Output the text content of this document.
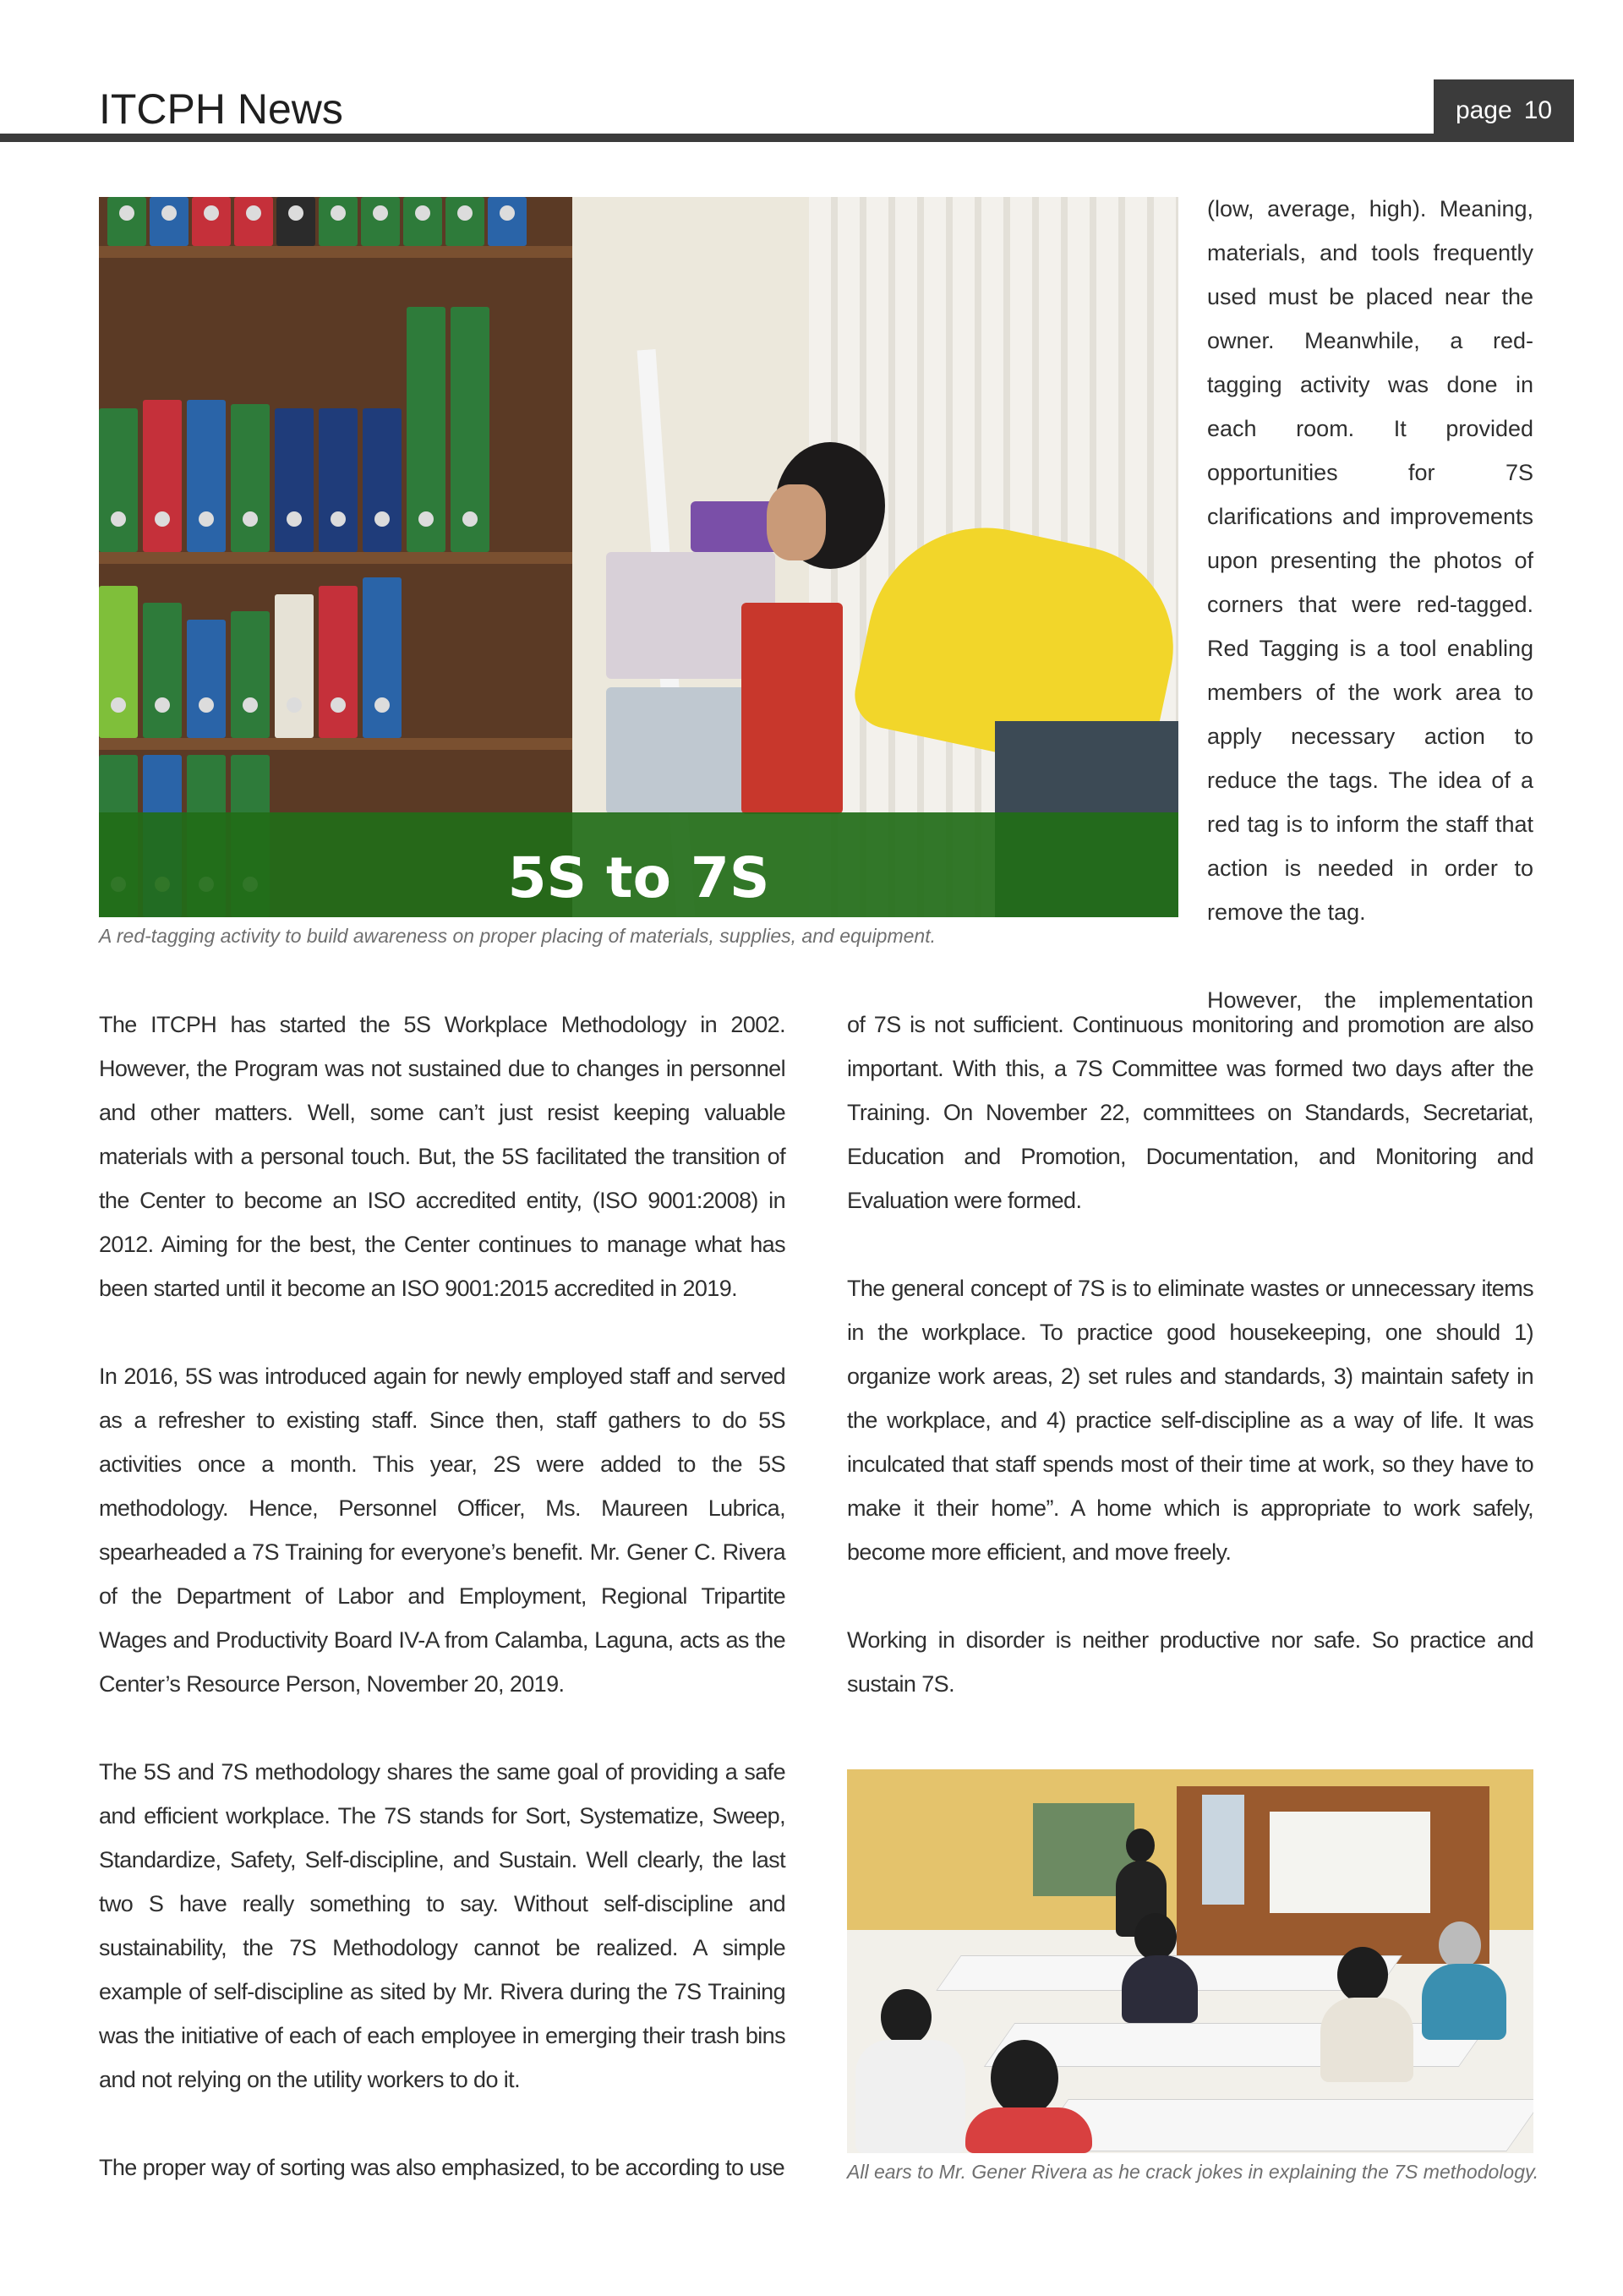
ITCPH News	page 10
5S to 7S
A red-tagging activity to build awareness on proper placing of materials, supplies, and equipment.

(low, average, high). Meaning, materials, and tools frequently used must be placed near the owner. Meanwhile, a red-tagging activity was done in each room. It provided opportunities for 7S clarifications and improvements upon presenting the photos of corners that were red-tagged. Red Tagging is a tool enabling members of the work area to apply necessary action to reduce the tags. The idea of a red tag is to inform the staff that action is needed in order to remove the tag.

However, the implementation

The ITCPH has started the 5S Workplace Methodology in 2002. However, the Program was not sustained due to changes in personnel and other matters. Well, some can’t just resist keeping valuable materials with a personal touch. But, the 5S facilitated the transition of the Center to become an ISO accredited entity, (ISO 9001:2008) in 2012. Aiming for the best, the Center continues to manage what has been started until it become an ISO 9001:2015 accredited in 2019.

In 2016, 5S was introduced again for newly employed staff and served as a refresher to existing staff. Since then, staff gathers to do 5S activities once a month. This year, 2S were added to the 5S methodology. Hence, Personnel Officer, Ms. Maureen Lubrica, spearheaded a 7S Training for everyone’s benefit. Mr. Gener C. Rivera of the Department of Labor and Employment, Regional Tripartite Wages and Productivity Board IV-A from Calamba, Laguna, acts as the Center’s Resource Person, November 20, 2019.

The 5S and 7S methodology shares the same goal of providing a safe and efficient workplace. The 7S stands for Sort, Systematize, Sweep, Standardize, Safety, Self-discipline, and Sustain. Well clearly, the last two S have really something to say. Without self-discipline and sustainability, the 7S Methodology cannot be realized. A simple example of self-discipline as sited by Mr. Rivera during the 7S Training was the initiative of each of each employee in emerging their trash bins and not relying on the utility workers to do it.

The proper way of sorting was also emphasized, to be according to use

of 7S is not sufficient. Continuous monitoring and promotion are also important. With this, a 7S Committee was formed two days after the Training. On November 22, committees on Standards, Secretariat, Education and Promotion, Documentation, and Monitoring and Evaluation were formed.

The general concept of 7S is to eliminate wastes or unnecessary items in the workplace. To practice good housekeeping, one should 1) organize work areas, 2) set rules and standards, 3) maintain safety in the workplace, and 4) practice self-discipline as a way of life. It was inculcated that staff spends most of their time at work, so they have to make it their home”. A home which is appropriate to work safely, become more efficient, and move freely.

Working in disorder is neither productive nor safe. So practice and sustain 7S.

All ears to Mr. Gener Rivera as he crack jokes in explaining the 7S methodology.
